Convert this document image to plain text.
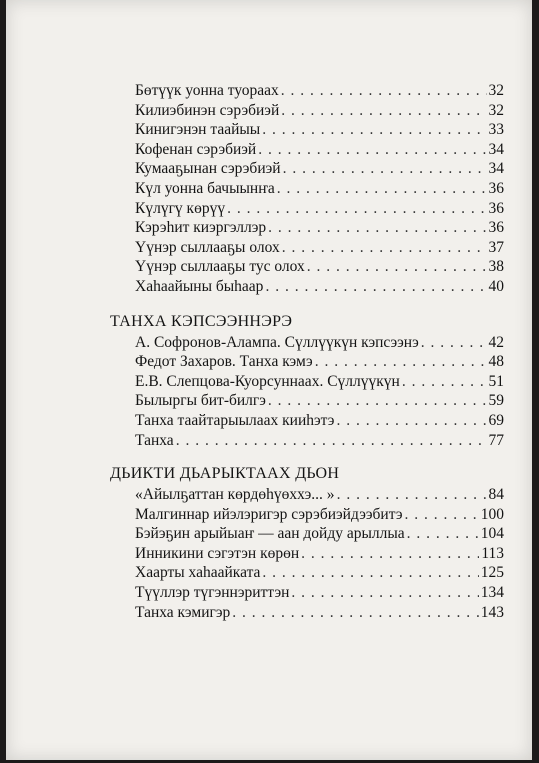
Бөтүүк уонна туораах . . .	32
Килиэбинэн сэрэбиэй . . .	32
Кинигэнэн таайыы . . .	33
Кофенан сэрэбиэй . . .	34
Кумааҕынан сэрэбиэй . . .	34
Күл уонна бачыынҥа . . .	36
Күлүгү көрүү . . .	36
Кэрэһит киэргэллэр . . .	36
Үүнэр сыллааҕы олох . . .	37
Үүнэр сыллааҕы тус олох . . .	38
Хаһаайыны быһаар . . .	40
ТАНХА КЭПСЭЭННЭРЭ
А. Софронов-Алампа. Сүллүүкүн кэпсээнэ . . .	42
Федот Захаров. Танха кэмэ . . .	48
Е.В. Слепцова-Куорсуннаах. Сүллүүкүн . . .	51
Былыргы бит-билгэ . . .	59
Танха таайтарыылаах кииһэтэ . . .	69
Танха . . .	77
ДЬИКТИ ДЬАРЫКТААХ ДЬОН
«Айылҕаттан көрдөһүөххэ... » . . .	84
Малгиннар ийэлэригэр сэрэбиэйдээбитэ . . .	100
Бэйэҕин арыйыаҥ — аан дойду арыллыа . . .	104
Инникини сэгэтэн көрөн . . .	113
Хаарты хаһаайката . . .	125
Түүллэр түгэннэриттэн . . .	134
Танха кэмигэр . . .	143
